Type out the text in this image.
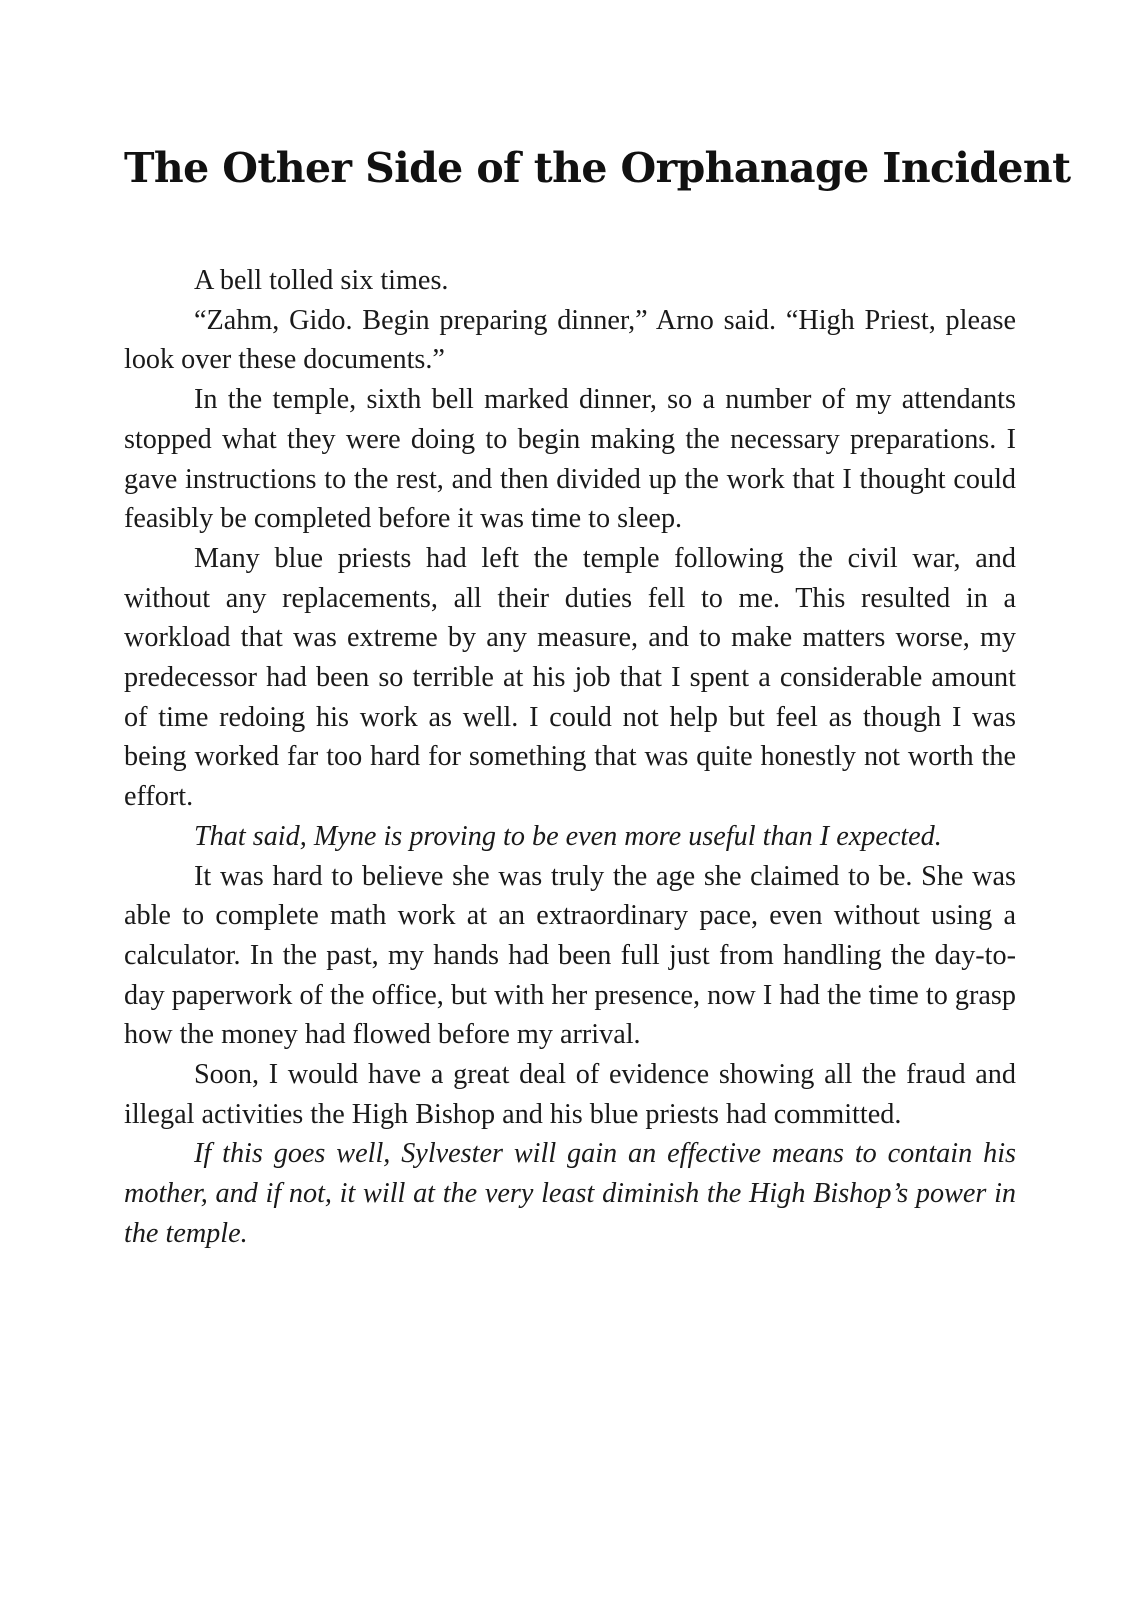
The Other Side of the Orphanage Incident

A bell tolled six times.

“Zahm, Gido. Begin preparing dinner,” Arno said. “High Priest, please look over these documents.”

In the temple, sixth bell marked dinner, so a number of my attendants stopped what they were doing to begin making the necessary preparations. I gave instructions to the rest, and then divided up the work that I thought could feasibly be completed before it was time to sleep.

Many blue priests had left the temple following the civil war, and without any replacements, all their duties fell to me. This resulted in a workload that was extreme by any measure, and to make matters worse, my predecessor had been so terrible at his job that I spent a considerable amount of time redoing his work as well. I could not help but feel as though I was being worked far too hard for something that was quite honestly not worth the effort.

That said, Myne is proving to be even more useful than I expected.

It was hard to believe she was truly the age she claimed to be. She was able to complete math work at an extraordinary pace, even without using a calculator. In the past, my hands had been full just from handling the day-to-day paperwork of the office, but with her presence, now I had the time to grasp how the money had flowed before my arrival.

Soon, I would have a great deal of evidence showing all the fraud and illegal activities the High Bishop and his blue priests had committed.

If this goes well, Sylvester will gain an effective means to contain his mother, and if not, it will at the very least diminish the High Bishop’s power in the temple.
